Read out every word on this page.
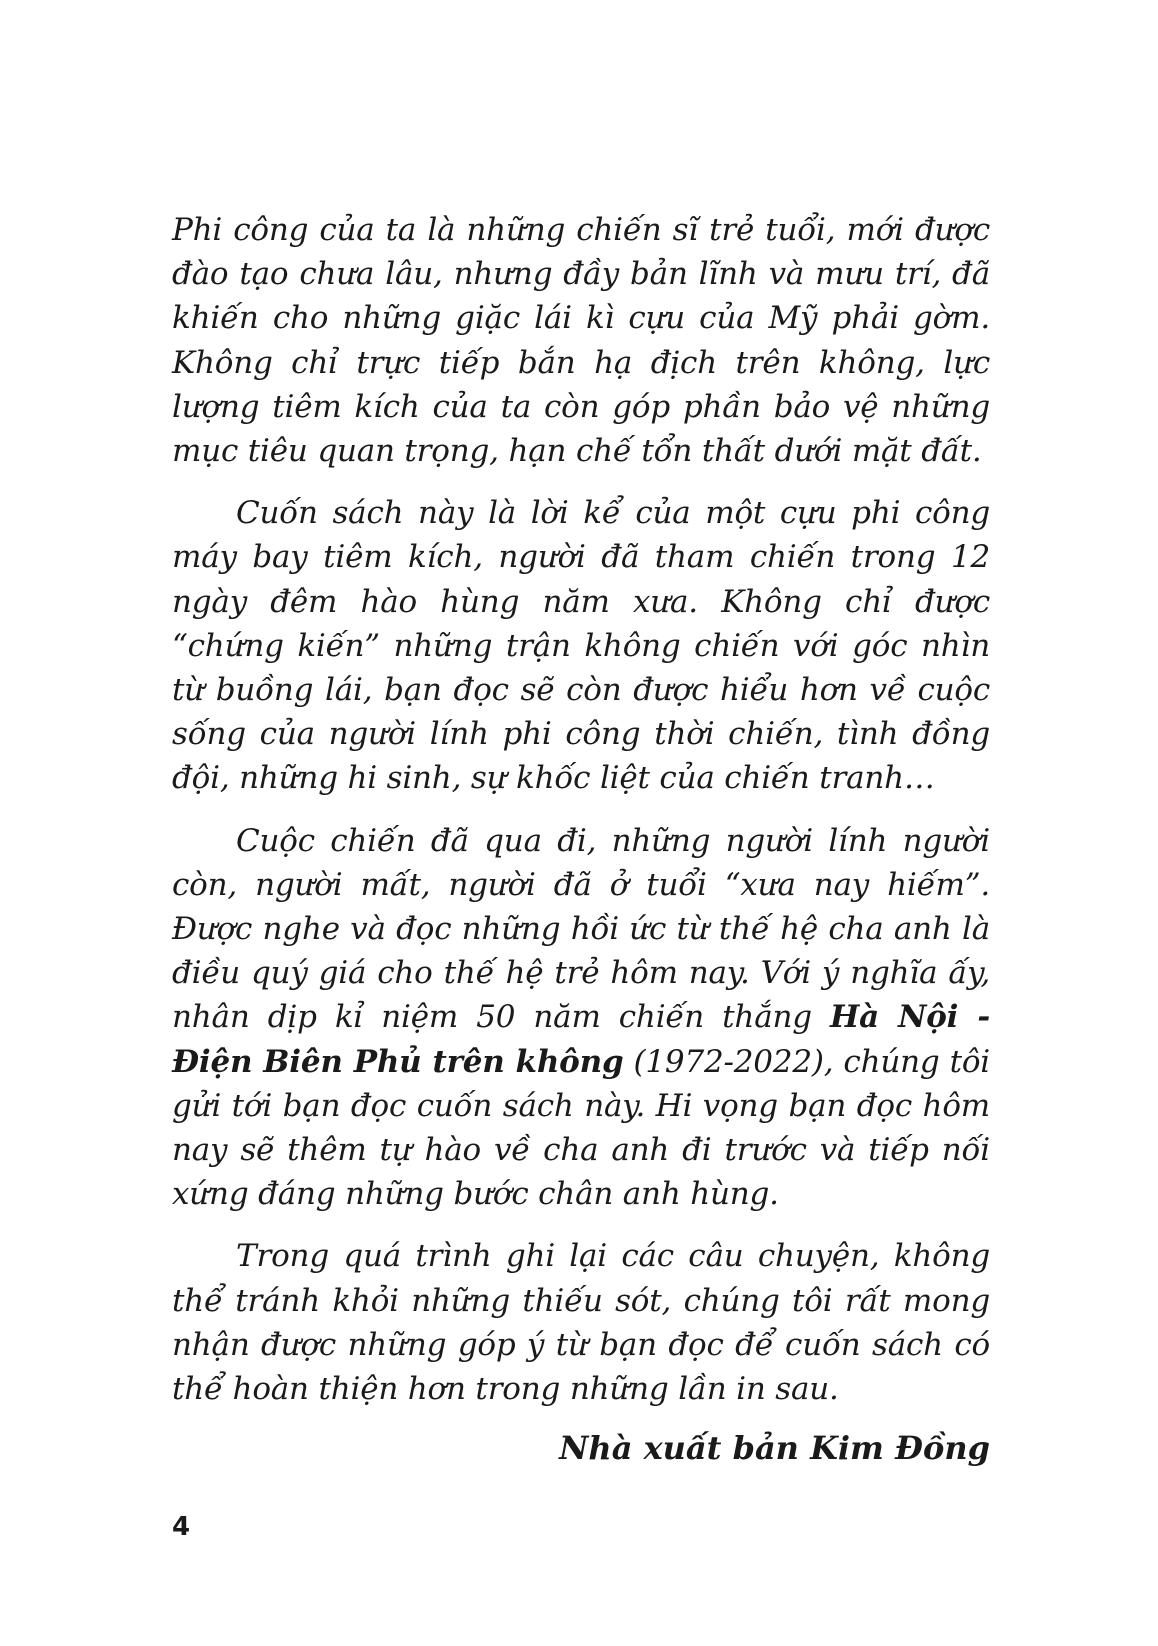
Phi công của ta là những chiến sĩ trẻ tuổi, mới được đào tạo chưa lâu, nhưng đầy bản lĩnh và mưu trí, đã khiến cho những giặc lái kì cựu của Mỹ phải gờm. Không chỉ trực tiếp bắn hạ địch trên không, lực lượng tiêm kích của ta còn góp phần bảo vệ những mục tiêu quan trọng, hạn chế tổn thất dưới mặt đất.

Cuốn sách này là lời kể của một cựu phi công máy bay tiêm kích, người đã tham chiến trong 12 ngày đêm hào hùng năm xưa. Không chỉ được “chứng kiến” những trận không chiến với góc nhìn từ buồng lái, bạn đọc sẽ còn được hiểu hơn về cuộc sống của người lính phi công thời chiến, tình đồng đội, những hi sinh, sự khốc liệt của chiến tranh…

Cuộc chiến đã qua đi, những người lính người còn, người mất, người đã ở tuổi “xưa nay hiếm”. Được nghe và đọc những hồi ức từ thế hệ cha anh là điều quý giá cho thế hệ trẻ hôm nay. Với ý nghĩa ấy, nhân dịp kỉ niệm 50 năm chiến thắng Hà Nội - Điện Biên Phủ trên không (1972-2022), chúng tôi gửi tới bạn đọc cuốn sách này. Hi vọng bạn đọc hôm nay sẽ thêm tự hào về cha anh đi trước và tiếp nối xứng đáng những bước chân anh hùng.

Trong quá trình ghi lại các câu chuyện, không thể tránh khỏi những thiếu sót, chúng tôi rất mong nhận được những góp ý từ bạn đọc để cuốn sách có thể hoàn thiện hơn trong những lần in sau.

Nhà xuất bản Kim Đồng
4
